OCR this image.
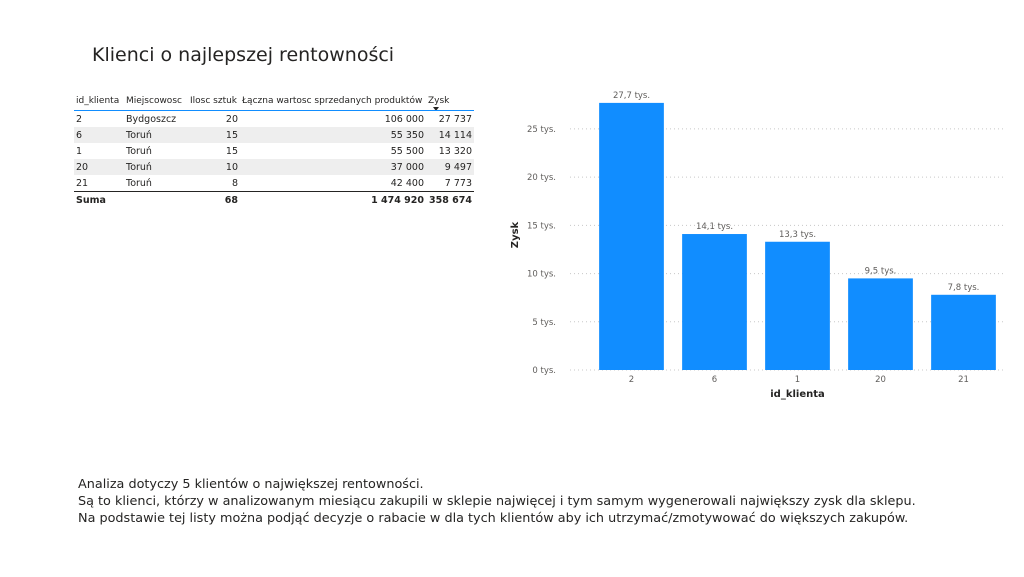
Klienci o najlepszej rentowności
id_klienta	Miejscowosc	Ilosc sztuk	Łączna wartosc sprzedanych produktów	Zysk

2	Bydgoszcz	20	106 000	27 737
6	Toruń	15	55 350	14 114
1	Toruń	15	55 500	13 320
20	Toruń	10	37 000	9 497
21	Toruń	8	42 400	7 773
Suma		68	1 474 920	358 674
0 tys.
5 tys.
10 tys.
15 tys.
20 tys.
25 tys.
27,7 tys.
14,1 tys.
13,3 tys.
9,5 tys.
7,8 tys.
2	6	1	20	21
Zysk
id_klienta
Analiza dotyczy 5 klientów o największej rentowności.
Są to klienci, którzy w analizowanym miesiącu zakupili w sklepie najwięcej i tym samym wygenerowali największy zysk dla sklepu.
Na podstawie tej listy można podjąć decyzje o rabacie w dla tych klientów aby ich utrzymać/zmotywować do większych zakupów.
